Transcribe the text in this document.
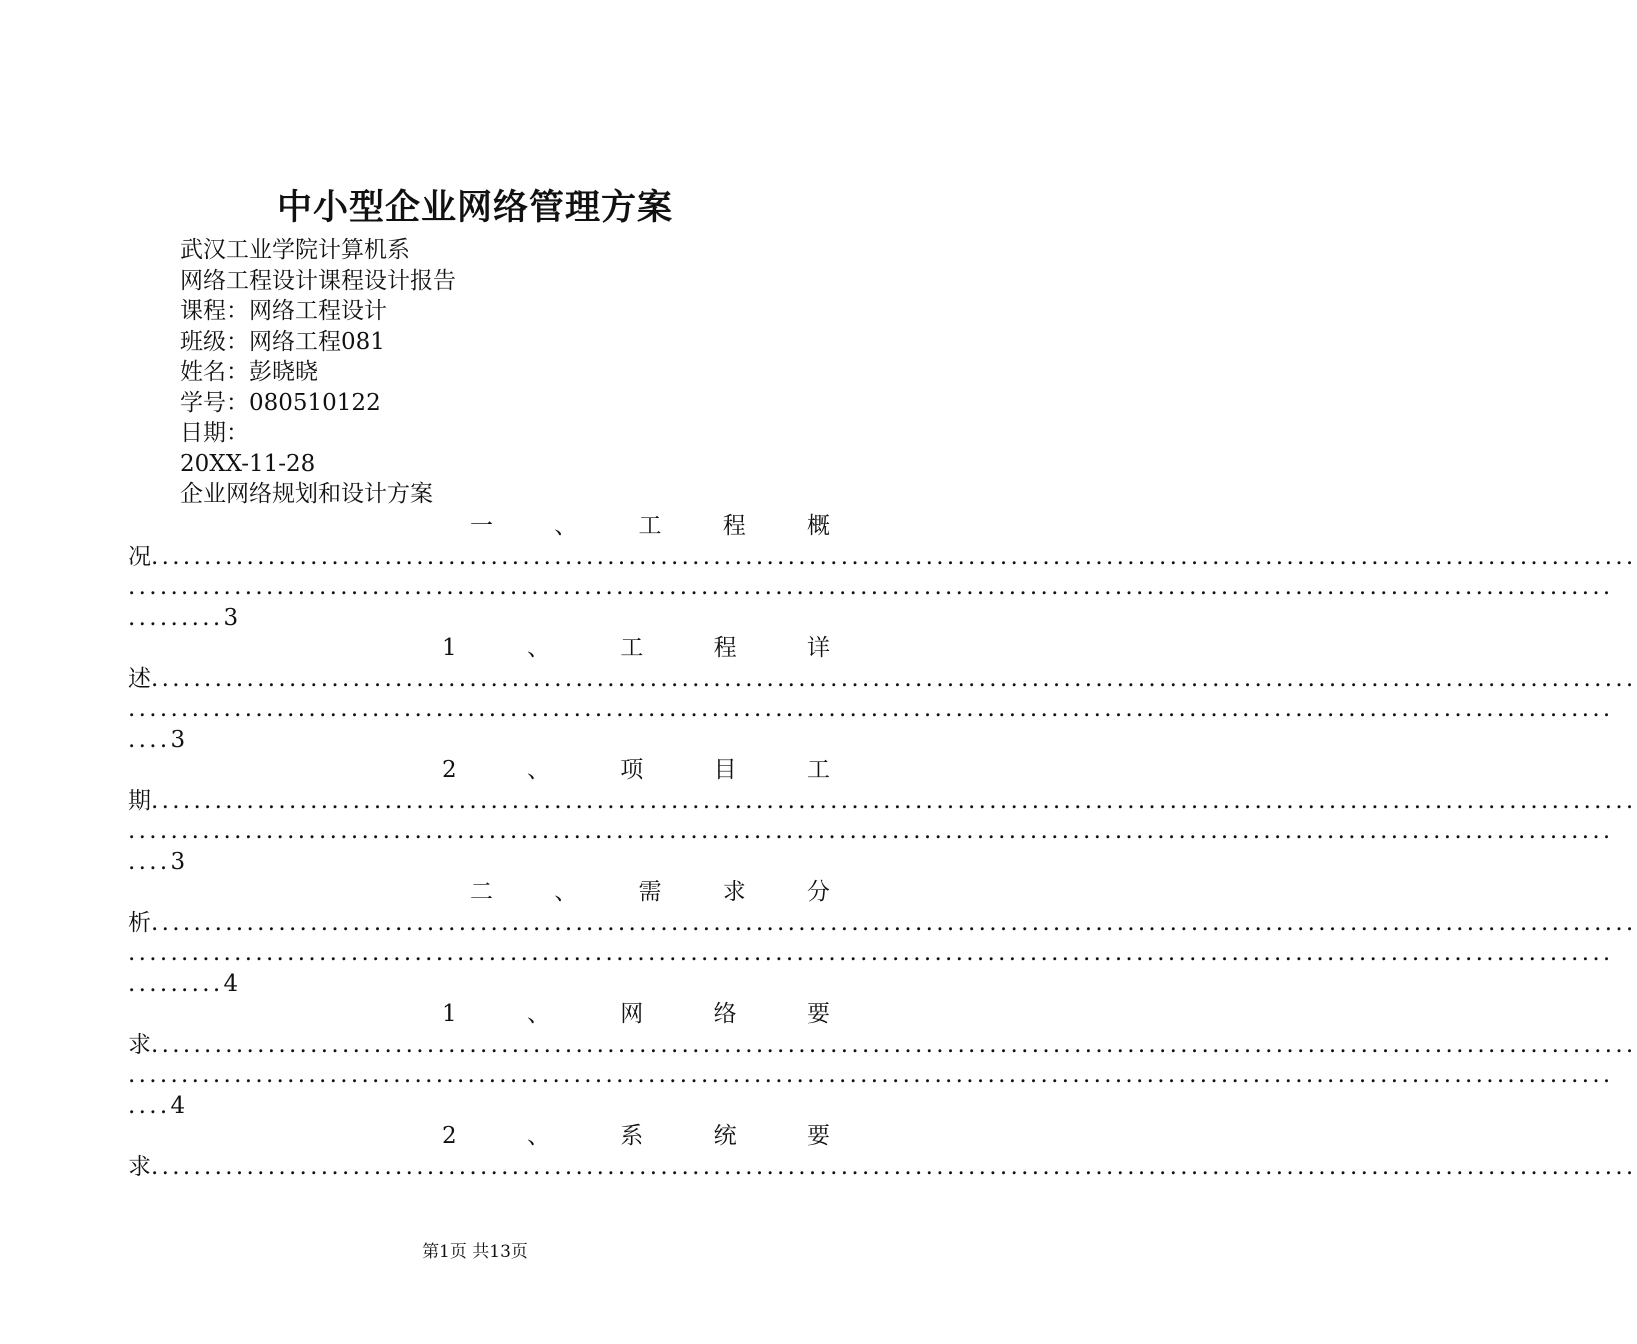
中小型企业网络管理方案
武汉工业学院计算机系
网络工程设计课程设计报告
课程：网络工程设计
班级：网络工程081
姓名：彭晓晓
学号：080510122
日期：
20XX-11-28
企业网络规划和设计方案
一	、	工	程	概
况 ............................................................................................................................................
............................................................................................................................................
.........3
1	、	工	程	详
述 ............................................................................................................................................
............................................................................................................................................
....3
2	、	项	目	工
期 ............................................................................................................................................
............................................................................................................................................
....3
二	、	需	求	分
析 ............................................................................................................................................
............................................................................................................................................
.........4
1	、	网	络	要
求 ............................................................................................................................................
............................................................................................................................................
....4
2	、	系	统	要
求 ............................................................................................................................................
第1页 共13页
